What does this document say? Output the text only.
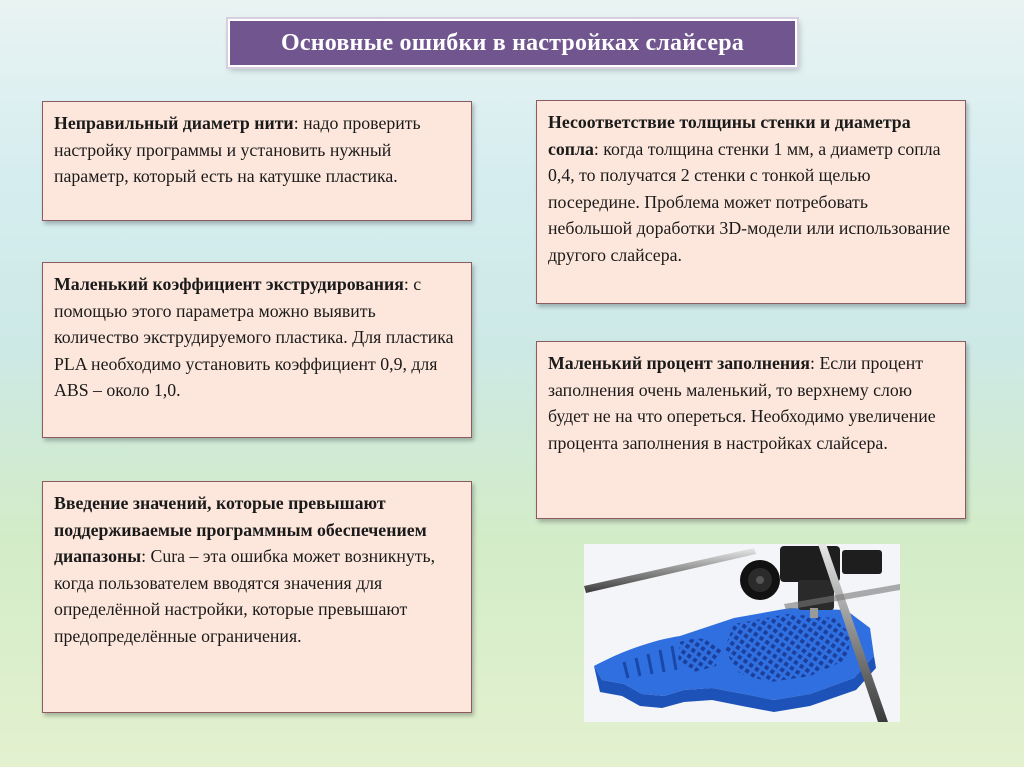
Основные ошибки в настройках слайсера
Неправильный диаметр нити: надо проверить настройку программы и установить нужный параметр, который есть на катушке пластика.
Маленький коэффициент экструдирования: с помощью этого параметра можно выявить количество экструдируемого пластика. Для пластика PLA необходимо установить коэффициент 0,9, для ABS – около 1,0.
Введение значений, которые превышают поддерживаемые программным обеспечением диапазоны: Cura – эта ошибка может возникнуть, когда пользователем вводятся значения для определённой настройки, которые превышают предопределённые ограничения.
Несоответствие толщины стенки и диаметра сопла: когда толщина стенки 1 мм, а диаметр сопла 0,4, то получатся 2 стенки с тонкой щелью посередине. Проблема может потребовать небольшой доработки 3D-модели или использование другого слайсера.
Маленький процент заполнения: Если процент заполнения очень маленький, то верхнему слою будет не на что опереться. Необходимо увеличение процента заполнения в настройках слайсера.
